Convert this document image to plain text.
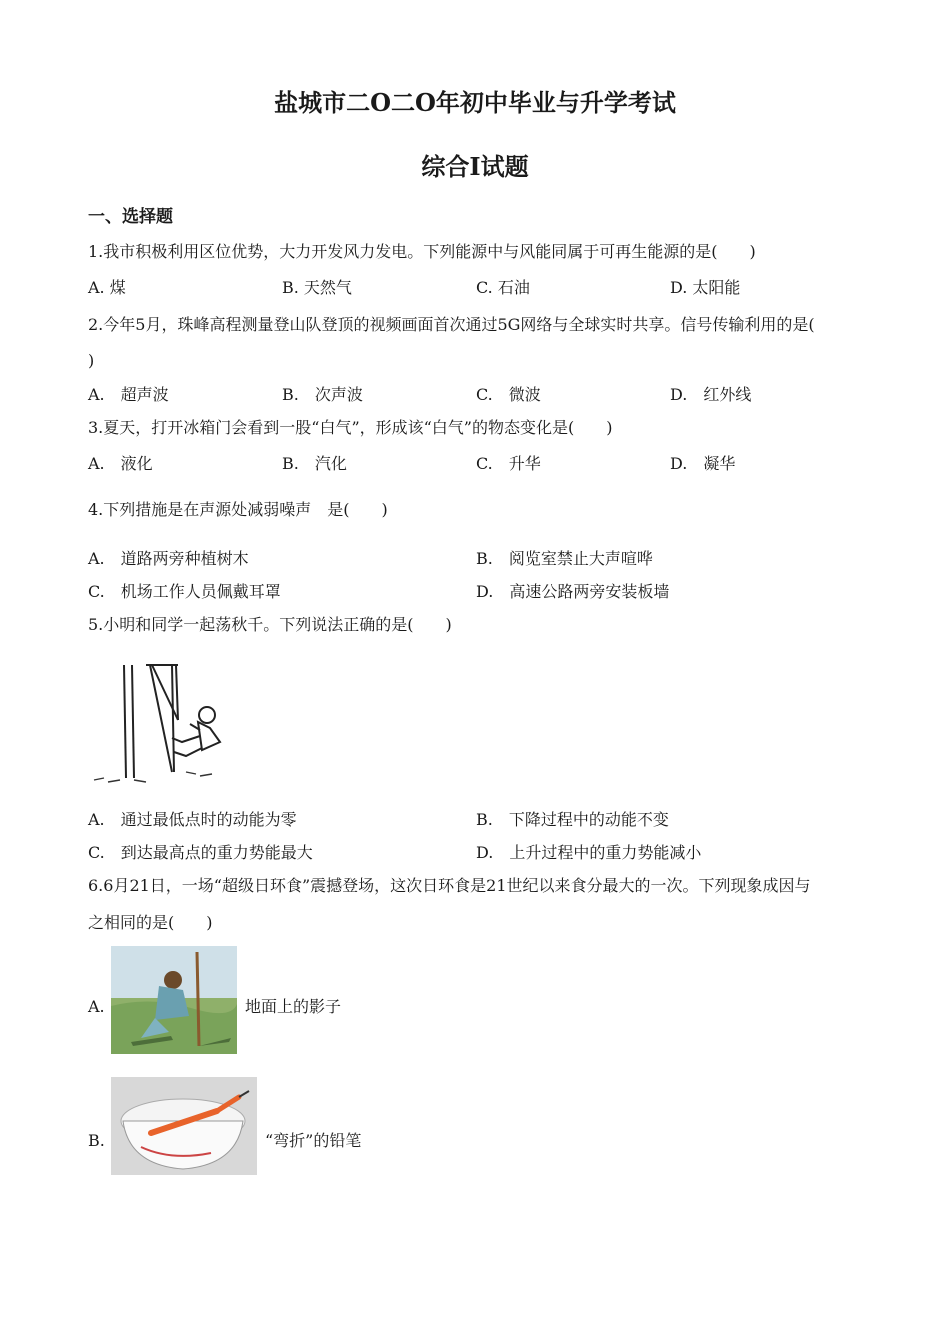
盐城市二O二O年初中毕业与升学考试
综合Ⅰ试题
一、选择题
1.我市积极利用区位优势，大力开发风力发电。下列能源中与风能同属于可再生能源的是(　　)
A. 煤	B. 天然气	C. 石油	D. 太阳能
2.今年5月，珠峰高程测量登山队登顶的视频画面首次通过5G网络与全球实时共享。信号传输利用的是(
)
A.　超声波	B.　次声波	C.　微波	D.　红外线
3.夏天，打开冰箱门会看到一股“白气”，形成该“白气”的物态变化是(　　)
A.　液化	B.　汽化	C.　升华	D.　凝华
4.下列措施是在声源处减弱噪声　是(　　)
A.　道路两旁种植树木	B.　阅览室禁止大声喧哗
C.　机场工作人员佩戴耳罩	D.　高速公路两旁安装板墙
5.小明和同学一起荡秋千。下列说法正确的是(　　)
A.　通过最低点时的动能为零	B.　下降过程中的动能不变
C.　到达最高点的重力势能最大	D.　上升过程中的重力势能减小
6.6月21日，一场“超级日环食”震撼登场，这次日环食是21世纪以来食分最大的一次。下列现象成因与
之相同的是(　　)
A.	地面上的影子
B.	“弯折”的铅笔
